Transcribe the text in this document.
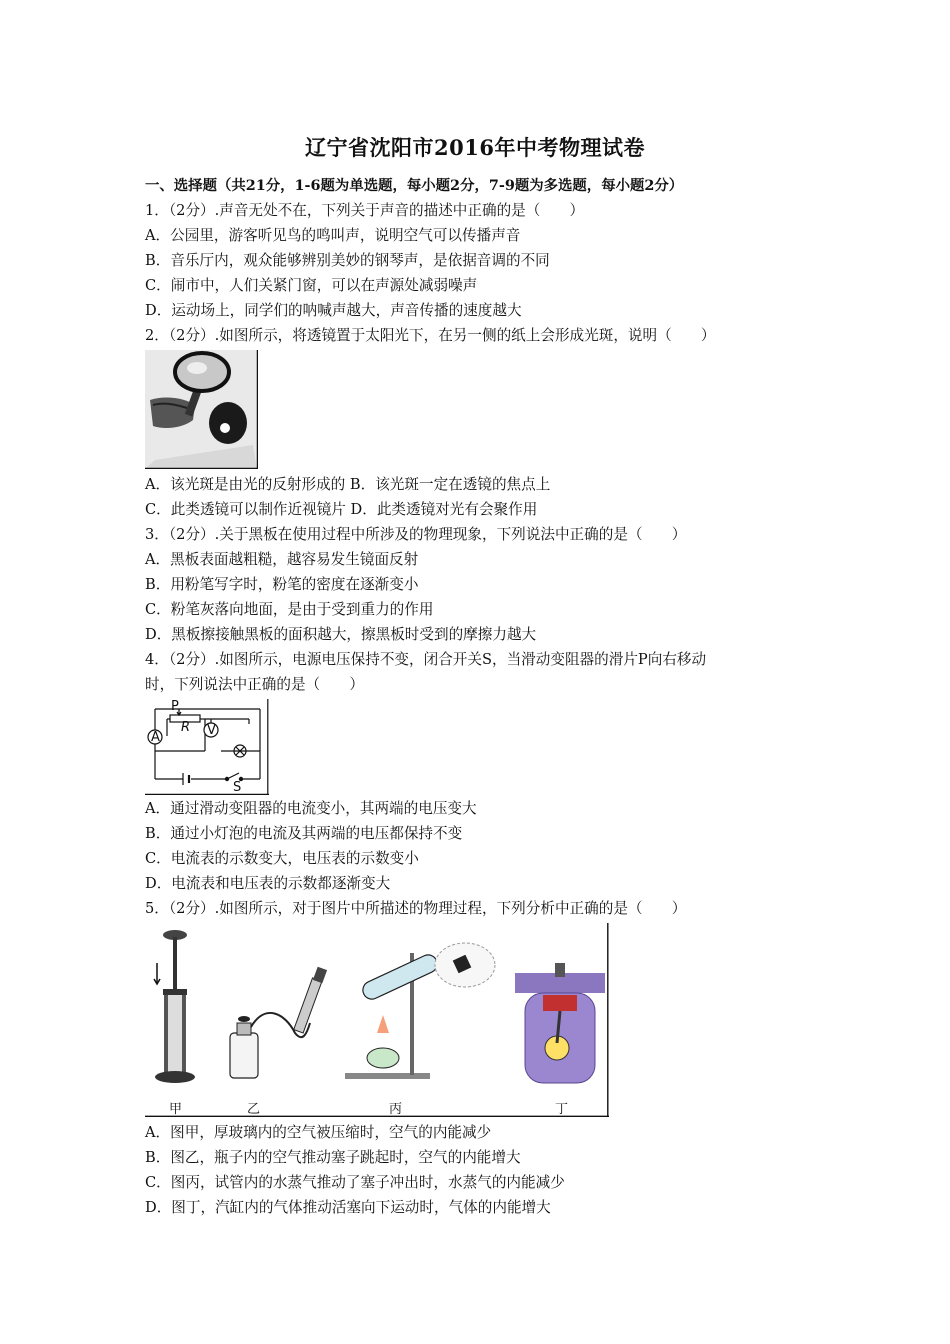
辽宁省沈阳市2016年中考物理试卷
一、选择题（共21分，1-6题为单选题，每小题2分，7-9题为多选题，每小题2分）
1．（2分）.声音无处不在，下列关于声音的描述中正确的是（　　）
A．公园里，游客听见鸟的鸣叫声，说明空气可以传播声音
B．音乐厅内，观众能够辨别美妙的钢琴声，是依据音调的不同
C．闹市中，人们关紧门窗，可以在声源处减弱噪声
D．运动场上，同学们的呐喊声越大，声音传播的速度越大
2．（2分）.如图所示，将透镜置于太阳光下，在另一侧的纸上会形成光斑，说明（　　）
A．该光斑是由光的反射形成的 B．该光斑一定在透镜的焦点上
C．此类透镜可以制作近视镜片 D．此类透镜对光有会聚作用
3．（2分）.关于黑板在使用过程中所涉及的物理现象，下列说法中正确的是（　　）
A．黑板表面越粗糙，越容易发生镜面反射
B．用粉笔写字时，粉笔的密度在逐渐变小
C．粉笔灰落向地面，是由于受到重力的作用
D．黑板擦接触黑板的面积越大，擦黑板时受到的摩擦力越大
4．（2分）.如图所示，电源电压保持不变，闭合开关S，当滑动变阻器的滑片P向右移动
时，下列说法中正确的是（　　）
A	V
P
R
S
A．通过滑动变阻器的电流变小，其两端的电压变大
B．通过小灯泡的电流及其两端的电压都保持不变
C．电流表的示数变大，电压表的示数变小
D．电流表和电压表的示数都逐渐变大
5．（2分）.如图所示，对于图片中所描述的物理过程，下列分析中正确的是（　　）
甲	乙	丙	丁
A．图甲，厚玻璃内的空气被压缩时，空气的内能减少
B．图乙，瓶子内的空气推动塞子跳起时，空气的内能增大
C．图丙，试管内的水蒸气推动了塞子冲出时，水蒸气的内能减少
D．图丁，汽缸内的气体推动活塞向下运动时，气体的内能增大
